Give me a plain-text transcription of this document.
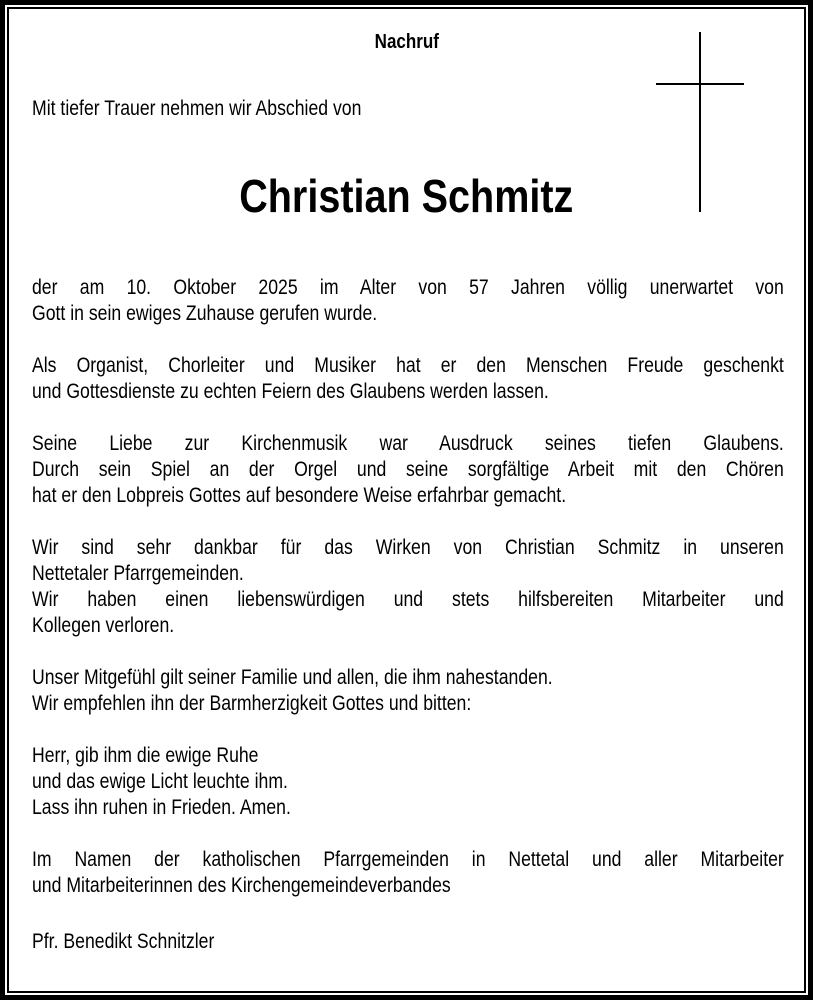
Nachruf
Mit tiefer Trauer nehmen wir Abschied von
Christian Schmitz
der am 10. Oktober 2025 im Alter von 57 Jahren völlig unerwartet von
Gott in sein ewiges Zuhause gerufen wurde.
Als Organist, Chorleiter und Musiker hat er den Menschen Freude geschenkt
und Gottesdienste zu echten Feiern des Glaubens werden lassen.
Seine Liebe zur Kirchenmusik war Ausdruck seines tiefen Glaubens.
Durch sein Spiel an der Orgel und seine sorgfältige Arbeit mit den Chören
hat er den Lobpreis Gottes auf besondere Weise erfahrbar gemacht.
Wir sind sehr dankbar für das Wirken von Christian Schmitz in unseren
Nettetaler Pfarrgemeinden.
Wir haben einen liebenswürdigen und stets hilfsbereiten Mitarbeiter und
Kollegen verloren.
Unser Mitgefühl gilt seiner Familie und allen, die ihm nahestanden.
Wir empfehlen ihn der Barmherzigkeit Gottes und bitten:
Herr, gib ihm die ewige Ruhe
und das ewige Licht leuchte ihm.
Lass ihn ruhen in Frieden. Amen.
Im Namen der katholischen Pfarrgemeinden in Nettetal und aller Mitarbeiter
und Mitarbeiterinnen des Kirchengemeindeverbandes
Pfr. Benedikt Schnitzler
